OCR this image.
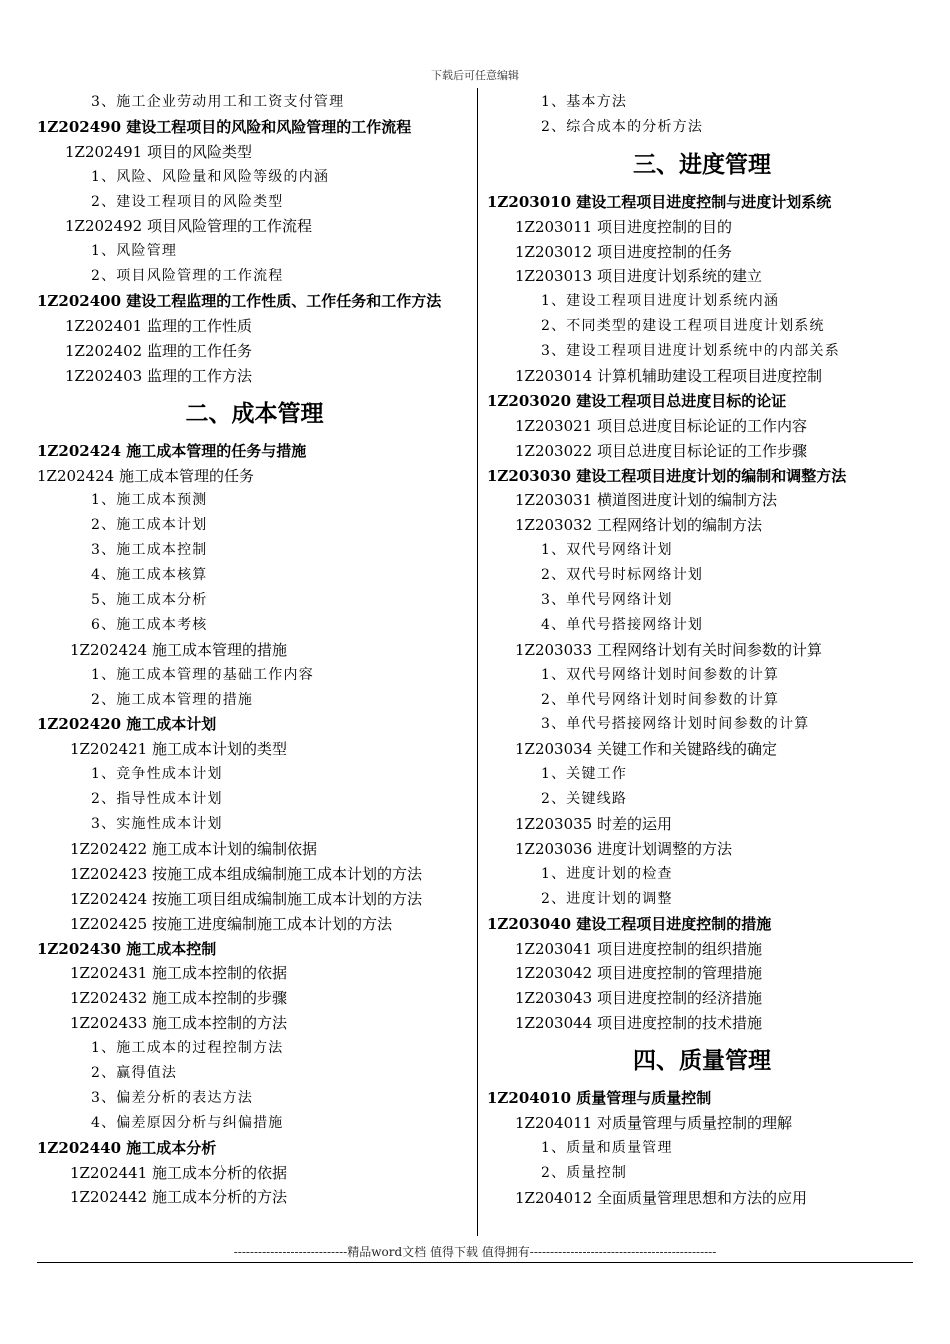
下载后可任意编辑
3、施工企业劳动用工和工资支付管理
1Z202490 建设工程项目的风险和风险管理的工作流程
1Z202491 项目的风险类型
1、风险、风险量和风险等级的内涵
2、建设工程项目的风险类型
1Z202492 项目风险管理的工作流程
1、风险管理
2、项目风险管理的工作流程
1Z202400 建设工程监理的工作性质、工作任务和工作方法
1Z202401 监理的工作性质
1Z202402 监理的工作任务
1Z202403 监理的工作方法
二、成本管理
1Z202424 施工成本管理的任务与措施
1Z202424 施工成本管理的任务
1、施工成本预测
2、施工成本计划
3、施工成本控制
4、施工成本核算
5、施工成本分析
6、施工成本考核
1Z202424 施工成本管理的措施
1、施工成本管理的基础工作内容
2、施工成本管理的措施
1Z202420 施工成本计划
1Z202421 施工成本计划的类型
1、竞争性成本计划
2、指导性成本计划
3、实施性成本计划
1Z202422 施工成本计划的编制依据
1Z202423 按施工成本组成编制施工成本计划的方法
1Z202424 按施工项目组成编制施工成本计划的方法
1Z202425 按施工进度编制施工成本计划的方法
1Z202430 施工成本控制
1Z202431 施工成本控制的依据
1Z202432 施工成本控制的步骤
1Z202433 施工成本控制的方法
1、施工成本的过程控制方法
2、赢得值法
3、偏差分析的表达方法
4、偏差原因分析与纠偏措施
1Z202440 施工成本分析
1Z202441 施工成本分析的依据
1Z202442 施工成本分析的方法
1、基本方法
2、综合成本的分析方法
三、进度管理
1Z203010 建设工程项目进度控制与进度计划系统
1Z203011 项目进度控制的目的
1Z203012 项目进度控制的任务
1Z203013 项目进度计划系统的建立
1、建设工程项目进度计划系统内涵
2、不同类型的建设工程项目进度计划系统
3、建设工程项目进度计划系统中的内部关系
1Z203014 计算机辅助建设工程项目进度控制
1Z203020 建设工程项目总进度目标的论证
1Z203021 项目总进度目标论证的工作内容
1Z203022 项目总进度目标论证的工作步骤
1Z203030 建设工程项目进度计划的编制和调整方法
1Z203031 横道图进度计划的编制方法
1Z203032 工程网络计划的编制方法
1、双代号网络计划
2、双代号时标网络计划
3、单代号网络计划
4、单代号搭接网络计划
1Z203033 工程网络计划有关时间参数的计算
1、双代号网络计划时间参数的计算
2、单代号网络计划时间参数的计算
3、单代号搭接网络计划时间参数的计算
1Z203034 关键工作和关键路线的确定
1、关键工作
2、关键线路
1Z203035 时差的运用
1Z203036 进度计划调整的方法
1、进度计划的检查
2、进度计划的调整
1Z203040 建设工程项目进度控制的措施
1Z203041 项目进度控制的组织措施
1Z203042 项目进度控制的管理措施
1Z203043 项目进度控制的经济措施
1Z203044 项目进度控制的技术措施
四、质量管理
1Z204010 质量管理与质量控制
1Z204011 对质量管理与质量控制的理解
1、质量和质量管理
2、质量控制
1Z204012 全面质量管理思想和方法的应用
----------------------------精品word文档 值得下载 值得拥有----------------------------------------------
